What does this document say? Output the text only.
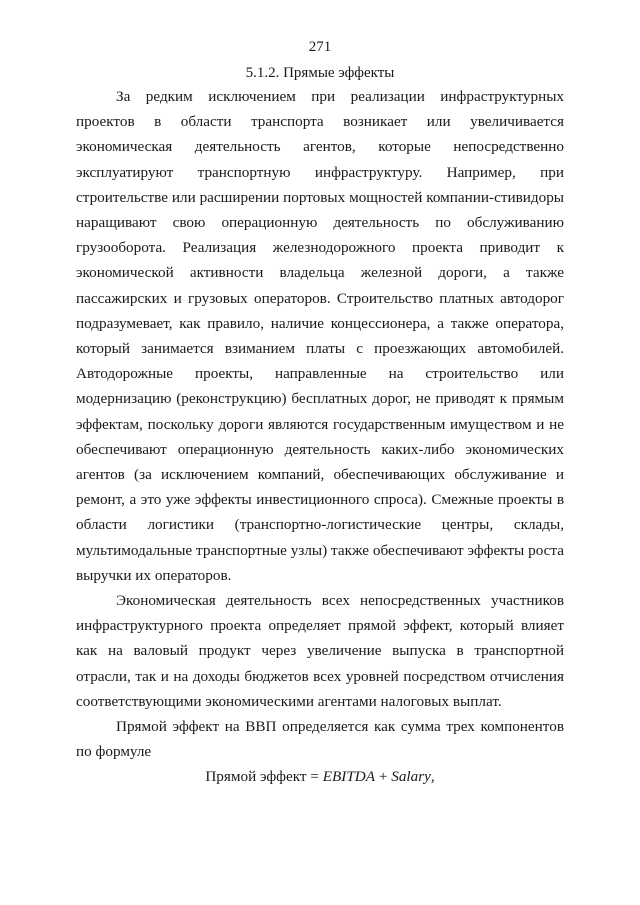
271
5.1.2. Прямые эффекты

За редким исключением при реализации инфраструктурных проектов в области транспорта возникает или увеличивается экономическая деятельность агентов, которые непосредственно эксплуатируют транспортную инфраструктуру. Например, при строительстве или расширении портовых мощностей компании-стивидоры наращивают свою операционную деятельность по обслуживанию грузооборота. Реализация железнодорожного проекта приводит к экономической активности владельца железной дороги, а также пассажирских и грузовых операторов. Строительство платных автодорог подразумевает, как правило, наличие концессионера, а также оператора, который занимается взиманием платы с проезжающих автомобилей. Автодорожные проекты, направленные на строительство или модернизацию (реконструкцию) бесплатных дорог, не приводят к прямым эффектам, поскольку дороги являются государственным имуществом и не обеспечивают операционную деятельность каких-либо экономических агентов (за исключением компаний, обеспечивающих обслуживание и ремонт, а это уже эффекты инвестиционного спроса). Смежные проекты в области логистики (транспортно-логистические центры, склады, мультимодальные транспортные узлы) также обеспечивают эффекты роста выручки их операторов.

Экономическая деятельность всех непосредственных участников инфраструктурного проекта определяет прямой эффект, который влияет как на валовый продукт через увеличение выпуска в транспортной отрасли, так и на доходы бюджетов всех уровней посредством отчисления соответствующими экономическими агентами налоговых выплат.

Прямой эффект на ВВП определяется как сумма трех компонентов по формуле

Прямой эффект = EBITDA + Salary,
